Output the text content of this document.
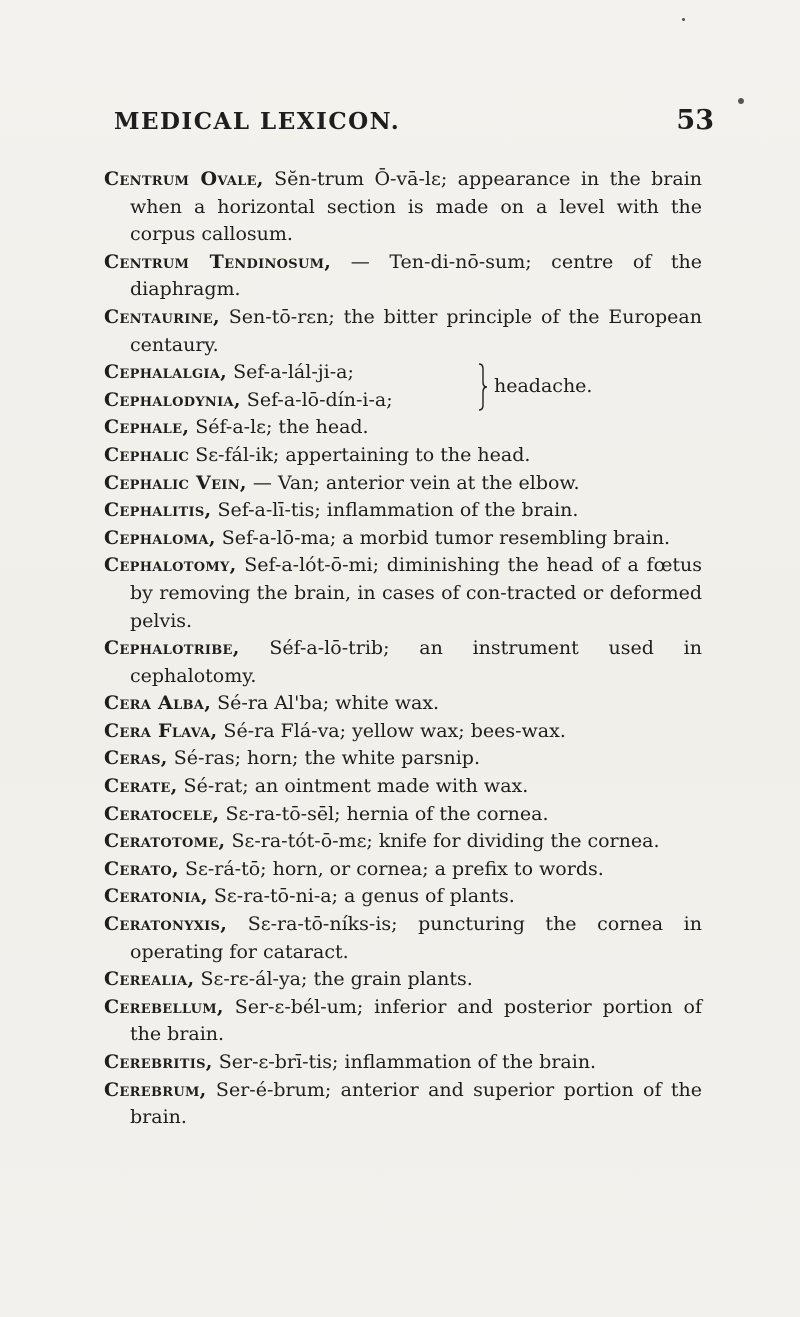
MEDICAL LEXICON.	53

Centrum Ovale, Sĕn-trum Ō-vā-lε; appearance in the brain when a horizontal section is made on a level with the corpus callosum.

Centrum Tendinosum, — Ten-di-nō-sum; centre of the diaphragm.

Centaurine, Sen-tō-rεn; the bitter principle of the European centaury.

Cephalalgia, Sef-a-lál-ji-a;
Cephalodynia, Sef-a-lō-dín-i-a;
headache.

Cephale, Séf-a-lε; the head.

Cephalic Sε-fál-ik; appertaining to the head.

Cephalic Vein, — Van; anterior vein at the elbow.

Cephalitis, Sef-a-lī-tis; inflammation of the brain.

Cephaloma, Sef-a-lō-ma; a morbid tumor resembling brain.

Cephalotomy, Sef-a-lót-ō-mi; diminishing the head of a fœtus by removing the brain, in cases of con-tracted or deformed pelvis.

Cephalotribe, Séf-a-lō-trib; an instrument used in cephalotomy.

Cera Alba, Sé-ra Al'ba; white wax.

Cera Flava, Sé-ra Flá-va; yellow wax; bees-wax.

Ceras, Sé-ras; horn; the white parsnip.

Cerate, Sé-rat; an ointment made with wax.

Ceratocele, Sε-ra-tō-sēl; hernia of the cornea.

Ceratotome, Sε-ra-tót-ō-mε; knife for dividing the cornea.

Cerato, Sε-rá-tō; horn, or cornea; a prefix to words.

Ceratonia, Sε-ra-tō-ni-a; a genus of plants.

Ceratonyxis, Sε-ra-tō-níks-is; puncturing the cornea in operating for cataract.

Cerealia, Sε-rε-ál-ya; the grain plants.

Cerebellum, Ser-ε-bél-um; inferior and posterior portion of the brain.

Cerebritis, Ser-ε-brī-tis; inflammation of the brain.

Cerebrum, Ser-é-brum; anterior and superior portion of the brain.
